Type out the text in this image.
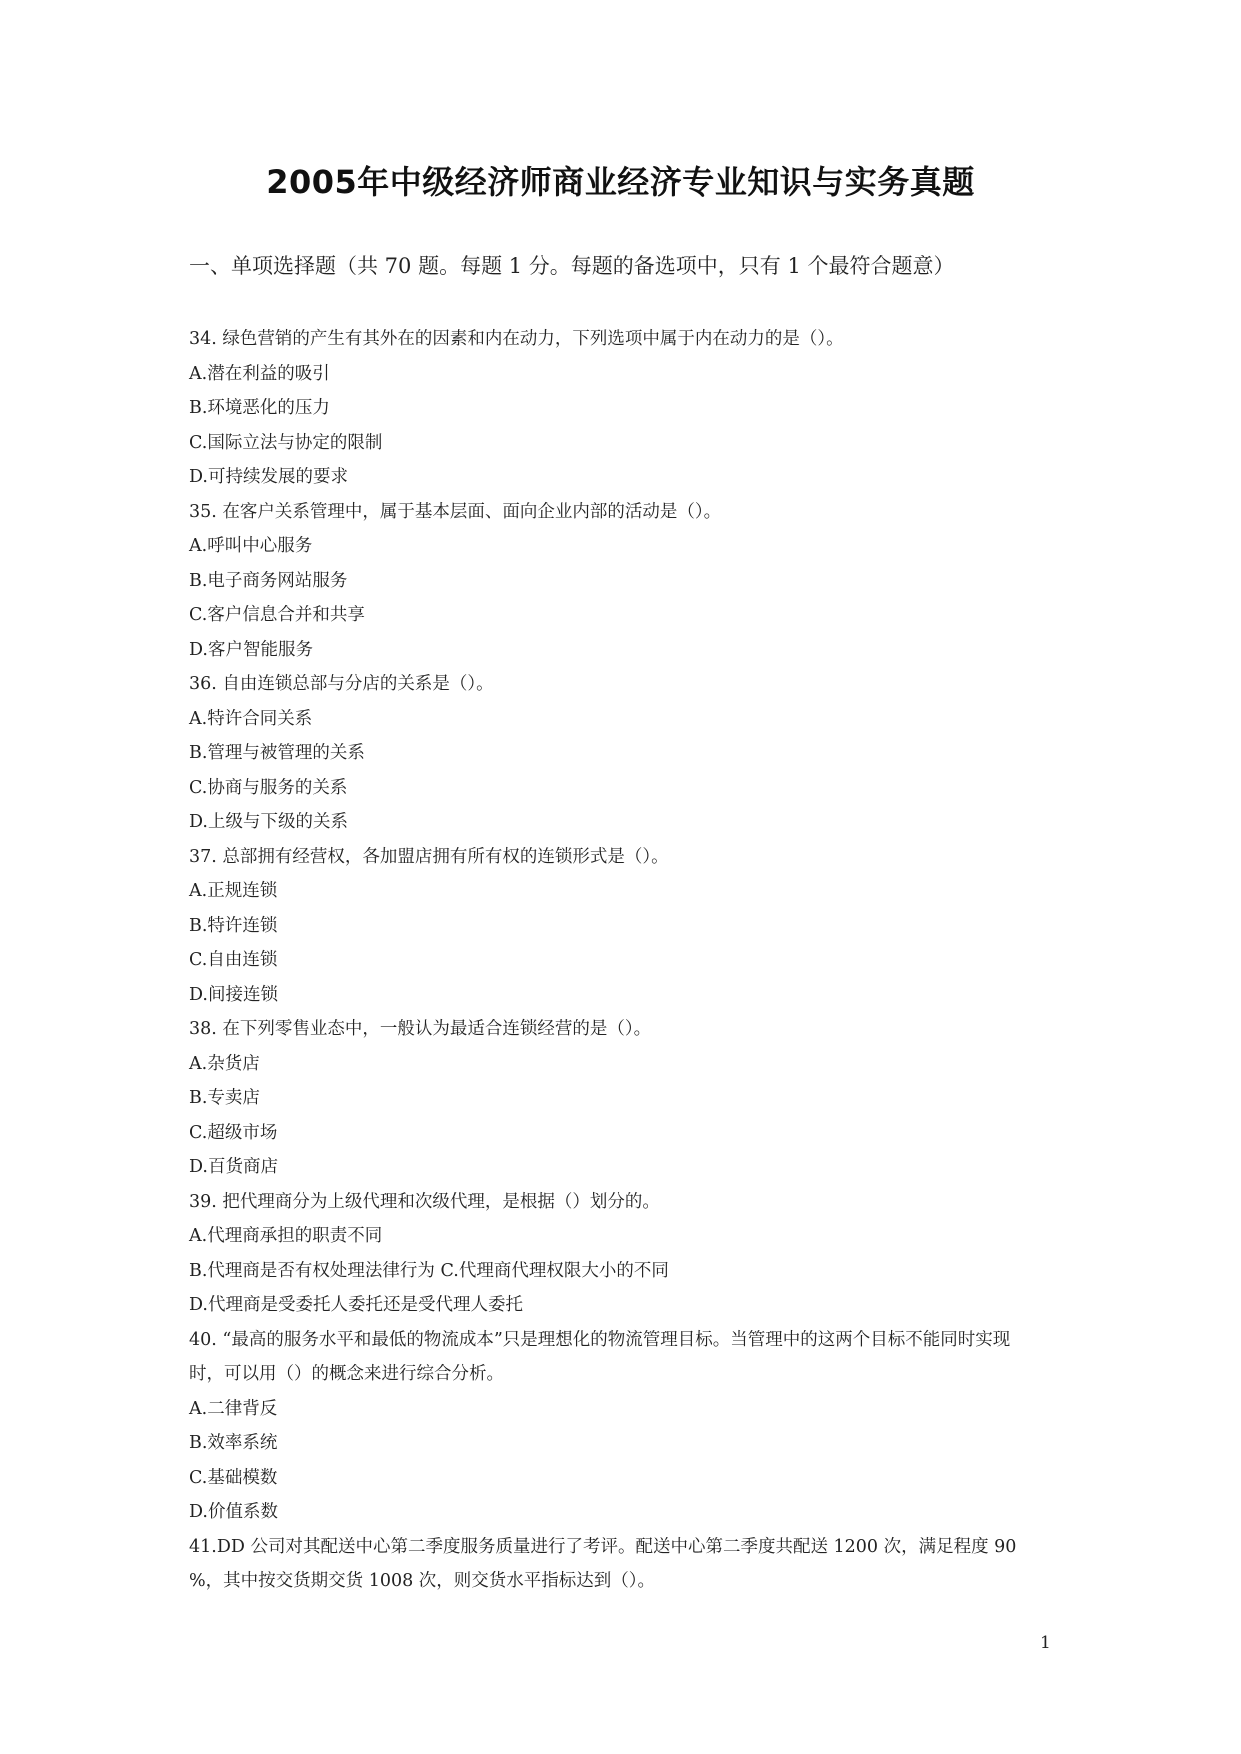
2005年中级经济师商业经济专业知识与实务真题
一、单项选择题（共 70 题。每题 1 分。每题的备选项中，只有 1 个最符合题意）
34. 绿色营销的产生有其外在的因素和内在动力，下列选项中属于内在动力的是（）。
A.潜在利益的吸引
B.环境恶化的压力
C.国际立法与协定的限制
D.可持续发展的要求
35. 在客户关系管理中，属于基本层面、面向企业内部的活动是（）。
A.呼叫中心服务
B.电子商务网站服务
C.客户信息合并和共享
D.客户智能服务
36. 自由连锁总部与分店的关系是（）。
A.特许合同关系
B.管理与被管理的关系
C.协商与服务的关系
D.上级与下级的关系
37. 总部拥有经营权，各加盟店拥有所有权的连锁形式是（）。
A.正规连锁
B.特许连锁
C.自由连锁
D.间接连锁
38. 在下列零售业态中，一般认为最适合连锁经营的是（）。
A.杂货店
B.专卖店
C.超级市场
D.百货商店
39. 把代理商分为上级代理和次级代理，是根据（）划分的。
A.代理商承担的职责不同
B.代理商是否有权处理法律行为 C.代理商代理权限大小的不同
D.代理商是受委托人委托还是受代理人委托
40. “最高的服务水平和最低的物流成本”只是理想化的物流管理目标。当管理中的这两个目标不能同时实现
时，可以用（）的概念来进行综合分析。
A.二律背反
B.效率系统
C.基础模数
D.价值系数
41.DD 公司对其配送中心第二季度服务质量进行了考评。配送中心第二季度共配送 1200 次，满足程度 90
%，其中按交货期交货 1008 次，则交货水平指标达到（）。
1
